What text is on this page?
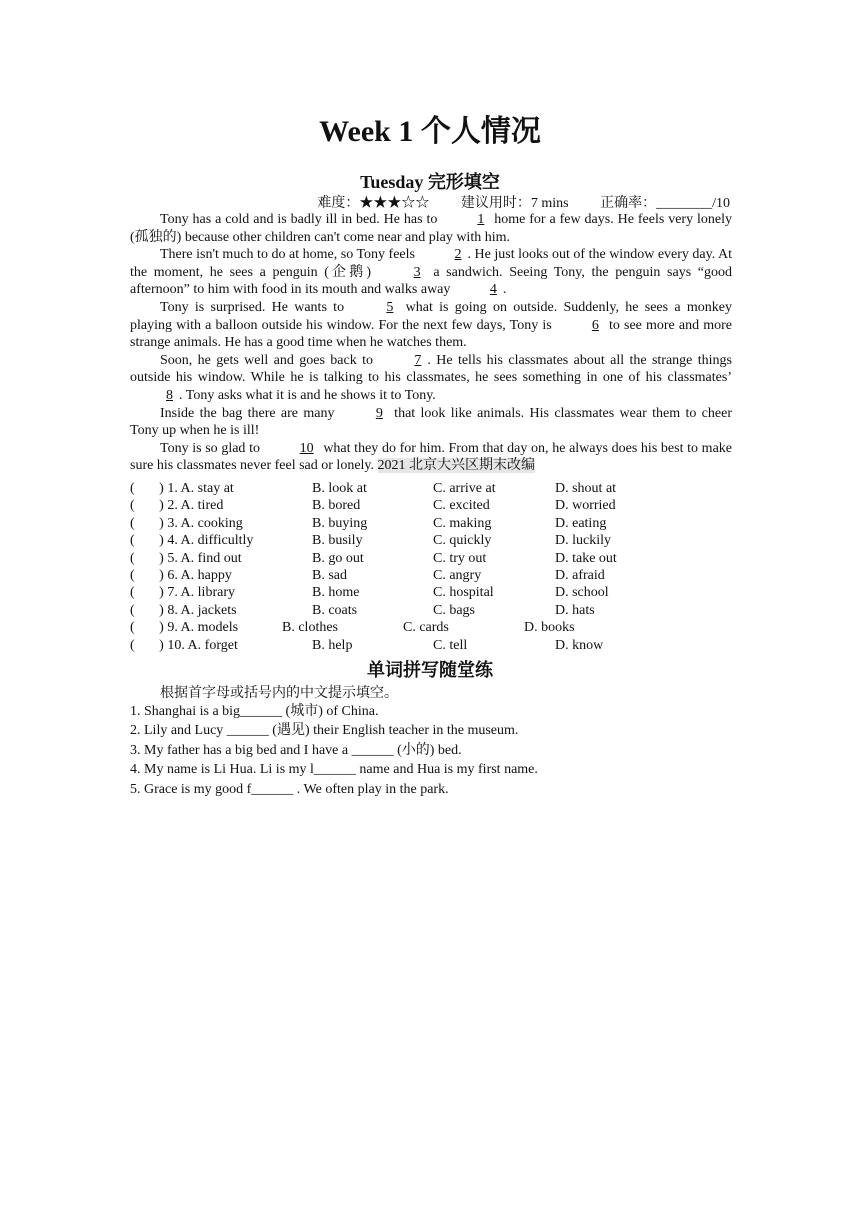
Week 1 个人情况
Tuesday 完形填空
难度：★★★☆☆ 建议用时：7 mins 正确率：________/10

Tony has a cold and is badly ill in bed. He has to	1 home for a few days. He feels very lonely (孤独的) because other children can't come near and play with him.

There isn't much to do at home, so Tony feels	2 . He just looks out of the window every day. At the moment, he sees a penguin (企鹅)	3 a sandwich. Seeing Tony, the penguin says “good afternoon” to him with food in its mouth and walks away	4 .

Tony is surprised. He wants to	5 what is going on outside. Suddenly, he sees a monkey playing with a balloon outside his window. For the next few days, Tony is	6 to see more and more strange animals. He has a good time when he watches them.

Soon, he gets well and goes back to	7 . He tells his classmates about all the strange things outside his window. While he is talking to his classmates, he sees something in one of his classmates’ 8 . Tony asks what it is and he shows it to Tony.

Inside the bag there are many	9 that look like animals. His classmates wear them to cheer Tony up when he is ill!

Tony is so glad to	10 what they do for him. From that day on, he always does his best to make sure his classmates never feel sad or lonely. 2021 北京大兴区期末改编

(       ) 1. A. stay at	B. look at	C. arrive at	D. shout at
(       ) 2. A. tired	B. bored	C. excited	D. worried
(       ) 3. A. cooking	B. buying	C. making	D. eating
(       ) 4. A. difficultly	B. busily	C. quickly	D. luckily
(       ) 5. A. find out	B. go out	C. try out	D. take out
(       ) 6. A. happy	B. sad	C. angry	D. afraid
(       ) 7. A. library	B. home	C. hospital	D. school
(       ) 8. A. jackets	B. coats	C. bags	D. hats
(       ) 9. A. models	B. clothes	C. cards	D. books
(       ) 10. A. forget	B. help	C. tell	D. know
单词拼写随堂练
根据首字母或括号内的中文提示填空。
1. Shanghai is a big______ (城市) of China.
2. Lily and Lucy ______ (遇见) their English teacher in the museum.
3. My father has a big bed and I have a ______ (小的) bed.
4. My name is Li Hua. Li is my l______ name and Hua is my first name.
5. Grace is my good f______ . We often play in the park.
